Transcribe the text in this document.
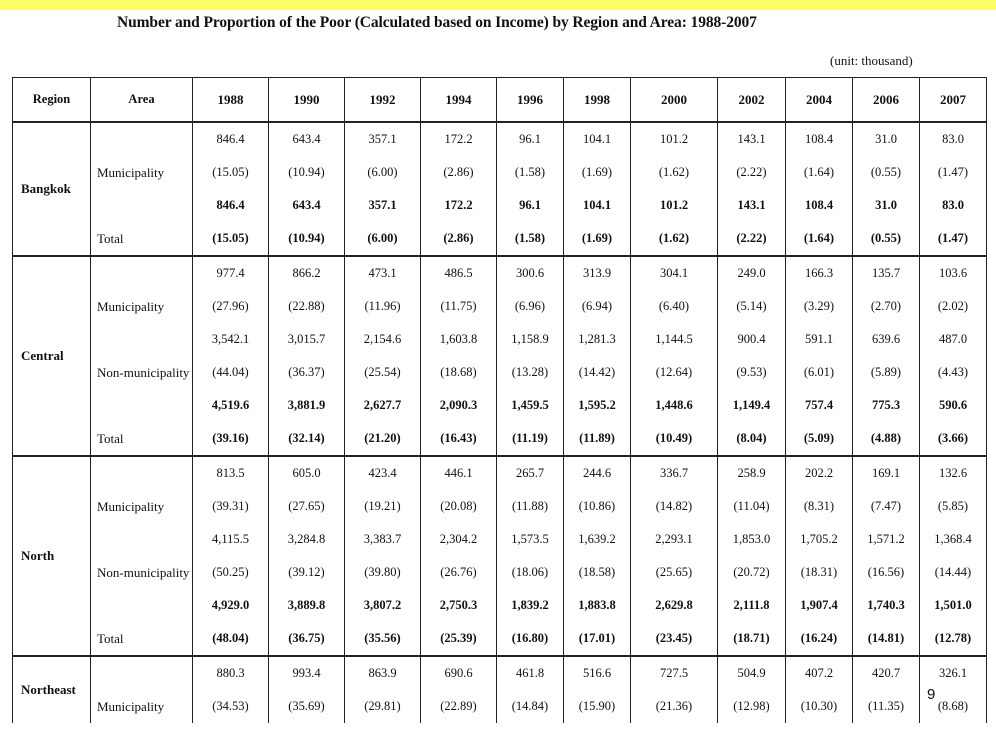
Number and Proportion of the Poor (Calculated based on Income) by Region and Area: 1988-2007
(unit: thousand)
Region	Area	1988	1990	1992	1994	1996	1998	2000	2002	2004	2006	2007
Bangkok		846.4	643.4	357.1	172.2	96.1	104.1	101.2	143.1	108.4	31.0	83.0
	Municipality	(15.05)	(10.94)	(6.00)	(2.86)	(1.58)	(1.69)	(1.62)	(2.22)	(1.64)	(0.55)	(1.47)
		846.4	643.4	357.1	172.2	96.1	104.1	101.2	143.1	108.4	31.0	83.0
	Total	(15.05)	(10.94)	(6.00)	(2.86)	(1.58)	(1.69)	(1.62)	(2.22)	(1.64)	(0.55)	(1.47)
Central		977.4	866.2	473.1	486.5	300.6	313.9	304.1	249.0	166.3	135.7	103.6
	Municipality	(27.96)	(22.88)	(11.96)	(11.75)	(6.96)	(6.94)	(6.40)	(5.14)	(3.29)	(2.70)	(2.02)
		3,542.1	3,015.7	2,154.6	1,603.8	1,158.9	1,281.3	1,144.5	900.4	591.1	639.6	487.0
	Non-municipality	(44.04)	(36.37)	(25.54)	(18.68)	(13.28)	(14.42)	(12.64)	(9.53)	(6.01)	(5.89)	(4.43)
		4,519.6	3,881.9	2,627.7	2,090.3	1,459.5	1,595.2	1,448.6	1,149.4	757.4	775.3	590.6
	Total	(39.16)	(32.14)	(21.20)	(16.43)	(11.19)	(11.89)	(10.49)	(8.04)	(5.09)	(4.88)	(3.66)
North		813.5	605.0	423.4	446.1	265.7	244.6	336.7	258.9	202.2	169.1	132.6
	Municipality	(39.31)	(27.65)	(19.21)	(20.08)	(11.88)	(10.86)	(14.82)	(11.04)	(8.31)	(7.47)	(5.85)
		4,115.5	3,284.8	3,383.7	2,304.2	1,573.5	1,639.2	2,293.1	1,853.0	1,705.2	1,571.2	1,368.4
	Non-municipality	(50.25)	(39.12)	(39.80)	(26.76)	(18.06)	(18.58)	(25.65)	(20.72)	(18.31)	(16.56)	(14.44)
		4,929.0	3,889.8	3,807.2	2,750.3	1,839.2	1,883.8	2,629.8	2,111.8	1,907.4	1,740.3	1,501.0
	Total	(48.04)	(36.75)	(35.56)	(25.39)	(16.80)	(17.01)	(23.45)	(18.71)	(16.24)	(14.81)	(12.78)
Northeast		880.3	993.4	863.9	690.6	461.8	516.6	727.5	504.9	407.2	420.7	326.1
	Municipality	(34.53)	(35.69)	(29.81)	(22.89)	(14.84)	(15.90)	(21.36)	(12.98)	(10.30)	(11.35)	(8.68)
9
